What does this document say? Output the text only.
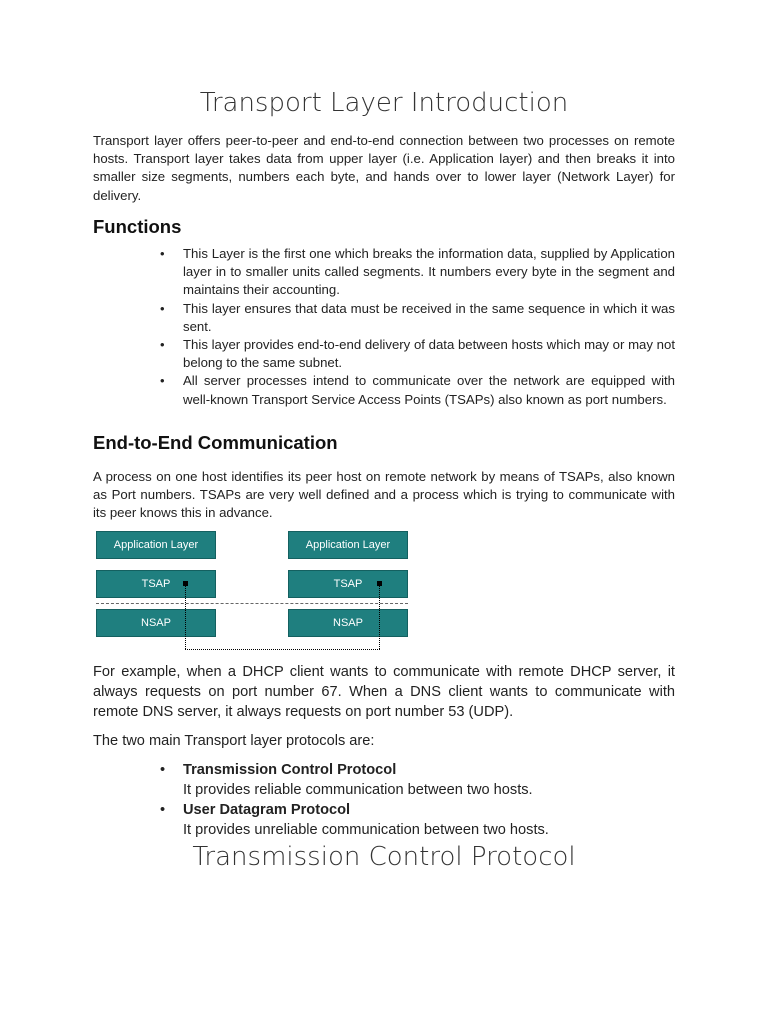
Transport Layer Introduction

Transport layer offers peer-to-peer and end-to-end connection between two processes on remote hosts. Transport layer takes data from upper layer (i.e. Application layer) and then breaks it into smaller size segments, numbers each byte, and hands over to lower layer (Network Layer) for delivery.

Functions
• This Layer is the first one which breaks the information data, supplied by Application layer in to smaller units called segments. It numbers every byte in the segment and maintains their accounting.
• This layer ensures that data must be received in the same sequence in which it was sent.
• This layer provides end-to-end delivery of data between hosts which may or may not belong to the same subnet.
• All server processes intend to communicate over the network are equipped with well-known Transport Service Access Points (TSAPs) also known as port numbers.
End-to-End Communication

A process on one host identifies its peer host on remote network by means of TSAPs, also known as Port numbers. TSAPs are very well defined and a process which is trying to communicate with its peer knows this in advance.

Application Layer
TSAP
NSAP
Application Layer
TSAP
NSAP

For example, when a DHCP client wants to communicate with remote DHCP server, it always requests on port number 67. When a DNS client wants to communicate with remote DNS server, it always requests on port number 53 (UDP).

The two main Transport layer protocols are:

• Transmission Control Protocol
It provides reliable communication between two hosts.
• User Datagram Protocol
It provides unreliable communication between two hosts.
Transmission Control Protocol
